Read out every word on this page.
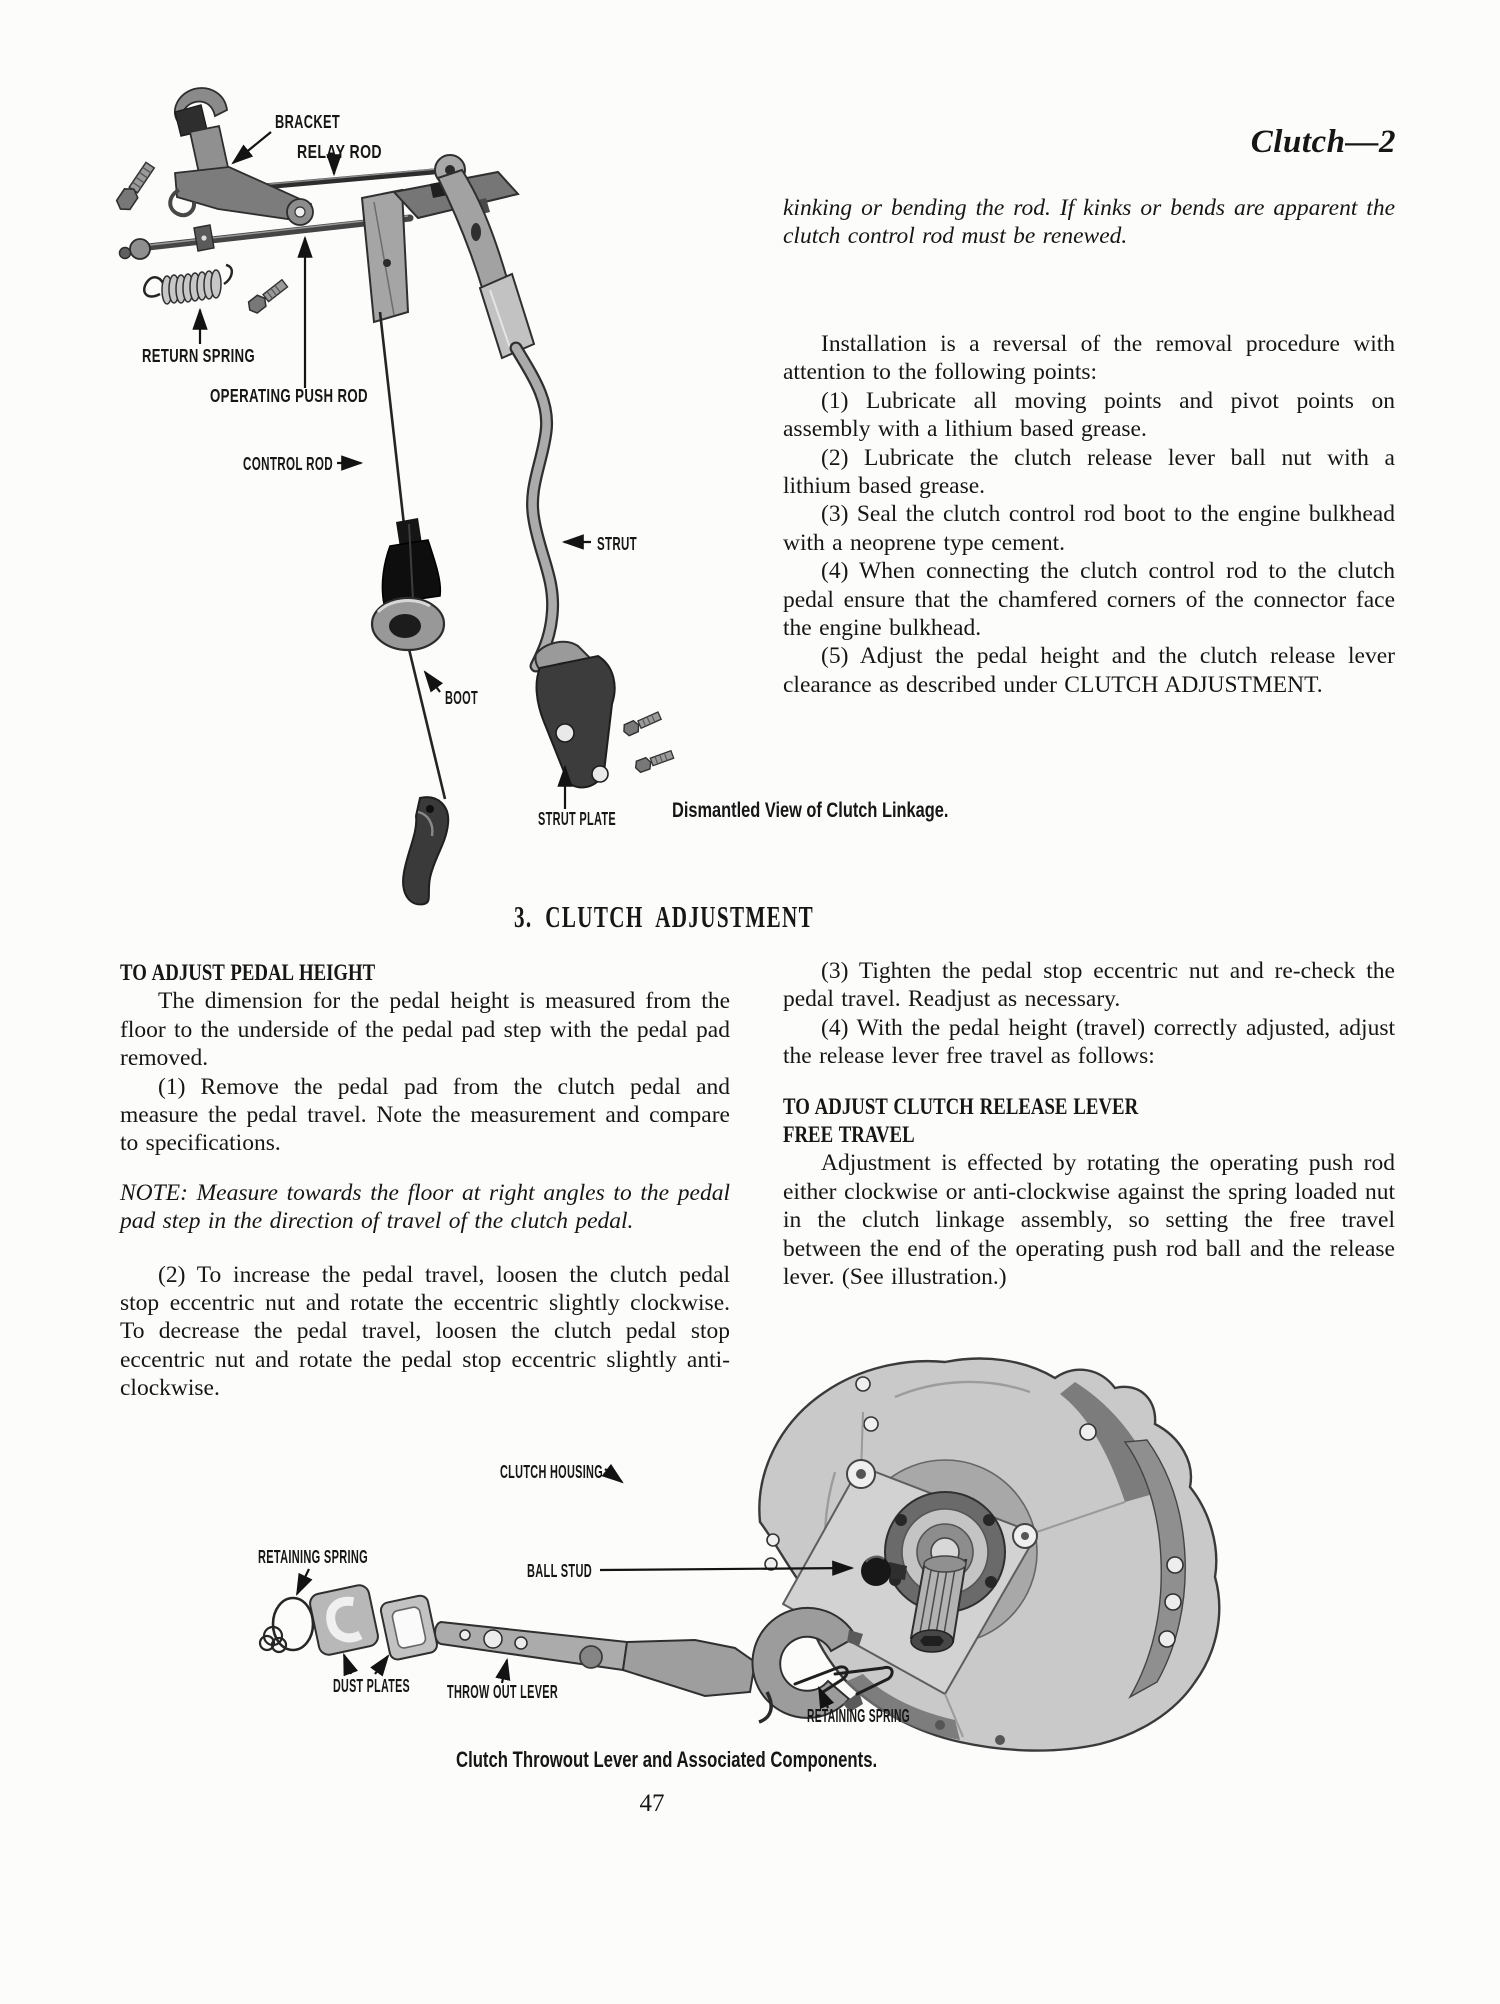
Clutch—2
BRACKET
RELAY ROD
RETURN SPRING
OPERATING PUSH ROD
CONTROL ROD
STRUT
BOOT
STRUT PLATE

kinking or bending the rod. If kinks or bends are apparent the clutch control rod must be renewed.

Installation is a reversal of the removal procedure with attention to the following points:

(1) Lubricate all moving points and pivot points on assembly with a lithium based grease.

(2) Lubricate the clutch release lever ball nut with a lithium based grease.

(3) Seal the clutch control rod boot to the engine bulkhead with a neoprene type cement.

(4) When connecting the clutch control rod to the clutch pedal ensure that the chamfered corners of the connector face the engine bulkhead.

(5) Adjust the pedal height and the clutch release lever clearance as described under CLUTCH ADJUSTMENT.

Dismantled View of Clutch Linkage.
3. CLUTCH ADJUSTMENT
TO ADJUST PEDAL HEIGHT

The dimension for the pedal height is measured from the floor to the underside of the pedal pad step with the pedal pad removed.

(1) Remove the pedal pad from the clutch pedal and measure the pedal travel. Note the measurement and compare to specifications.

NOTE: Measure towards the floor at right angles to the pedal pad step in the direction of travel of the clutch pedal.

(2) To increase the pedal travel, loosen the clutch pedal stop eccentric nut and rotate the eccentric slightly clockwise. To decrease the pedal travel, loosen the clutch pedal stop eccentric nut and rotate the pedal stop eccentric slightly anti-clockwise.

(3) Tighten the pedal stop eccentric nut and re-check the pedal travel. Readjust as necessary.

(4) With the pedal height (travel) correctly adjusted, adjust the release lever free travel as follows:

TO ADJUST CLUTCH RELEASE LEVER
FREE TRAVEL

Adjustment is effected by rotating the operating push rod either clockwise or anti-clockwise against the spring loaded nut in the clutch linkage assembly, so setting the free travel between the end of the operating push rod ball and the release lever. (See illustration.)

CLUTCH HOUSING
RETAINING SPRING
BALL STUD
DUST PLATES THROW OUT LEVER
RETAINING SPRING
Clutch Throwout Lever and Associated Components.
47
